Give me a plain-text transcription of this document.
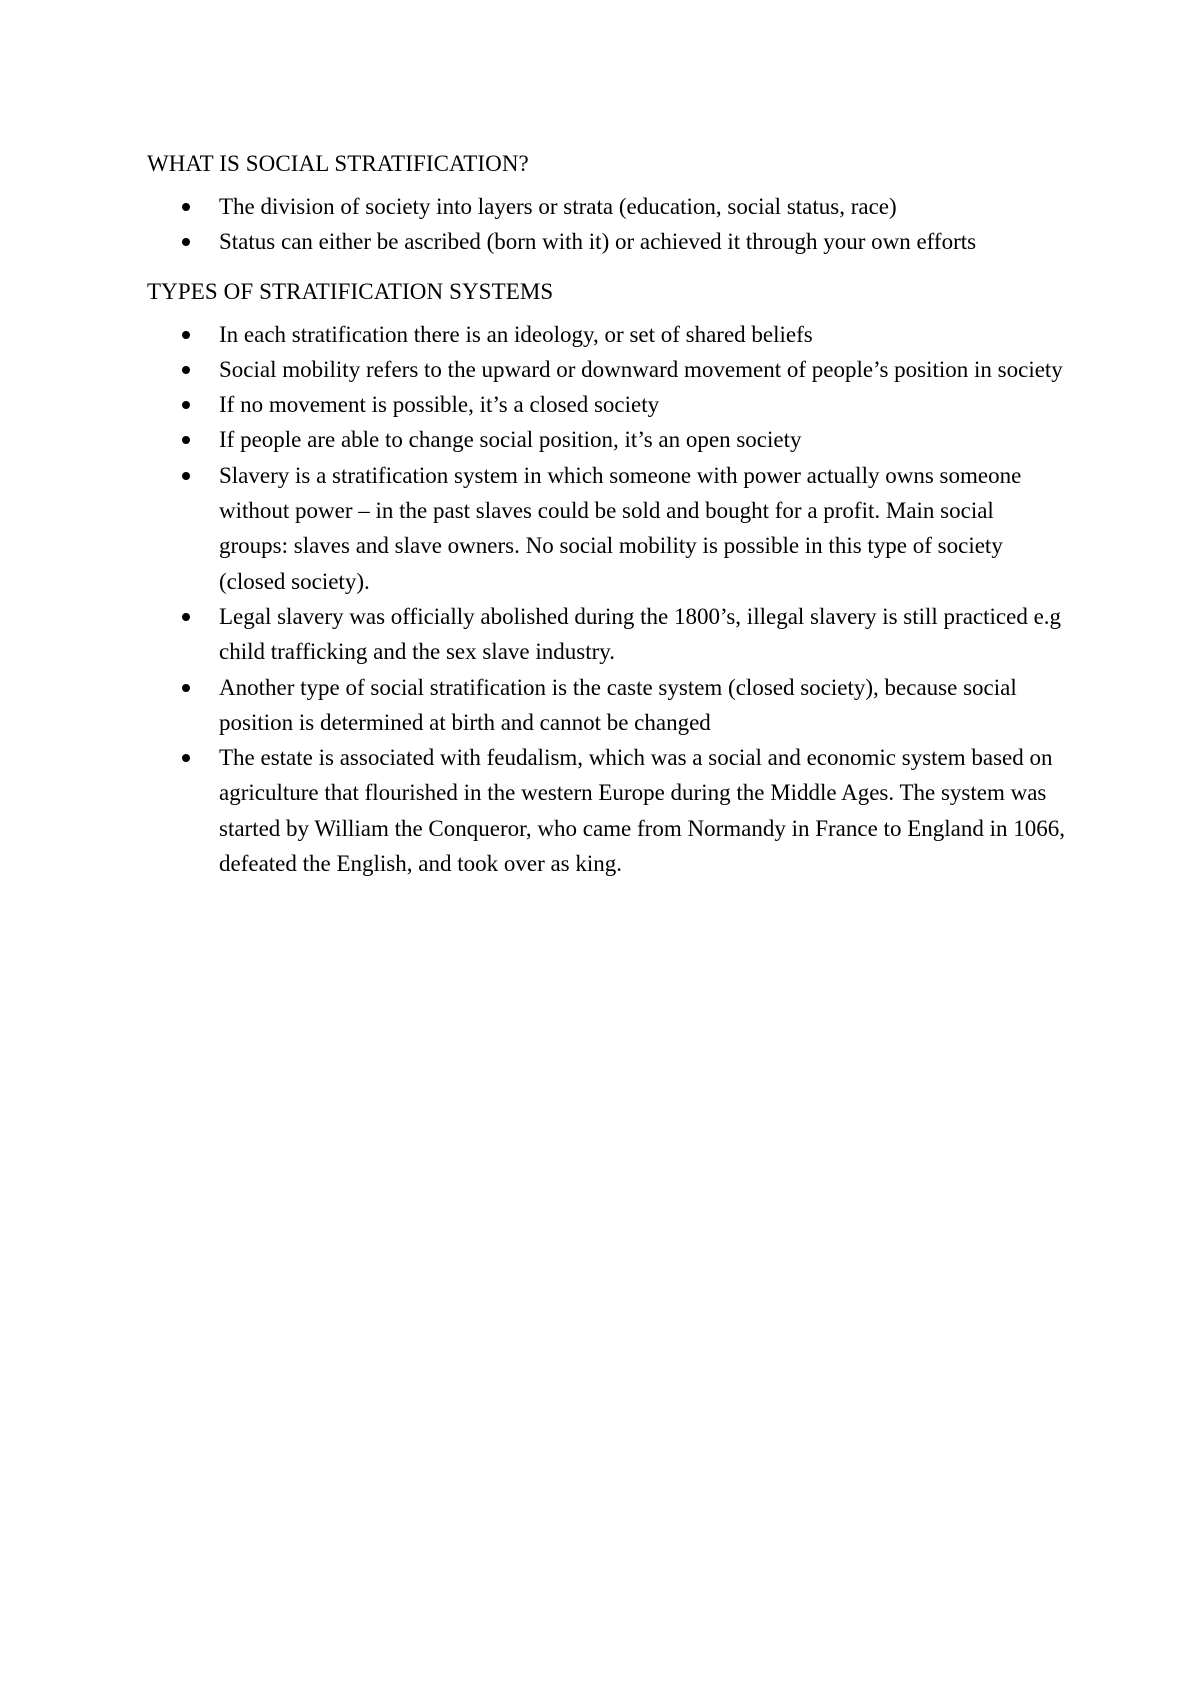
WHAT IS SOCIAL STRATIFICATION?
The division of society into layers or strata (education, social status, race)
Status can either be ascribed (born with it) or achieved it through your own efforts
TYPES OF STRATIFICATION SYSTEMS
In each stratification there is an ideology, or set of shared beliefs
Social mobility refers to the upward or downward movement of people’s position in society
If no movement is possible, it’s a closed society
If people are able to change social position, it’s an open society
Slavery is a stratification system in which someone with power actually owns someone without power – in the past slaves could be sold and bought for a profit. Main social groups: slaves and slave owners. No social mobility is possible in this type of society (closed society).
Legal slavery was officially abolished during the 1800’s, illegal slavery is still practiced e.g child trafficking and the sex slave industry.
Another type of social stratification is the caste system (closed society), because social position is determined at birth and cannot be changed
The estate is associated with feudalism, which was a social and economic system based on agriculture that flourished in the western Europe during the Middle Ages. The system was started by William the Conqueror, who came from Normandy in France to England in 1066, defeated the English, and took over as king.
